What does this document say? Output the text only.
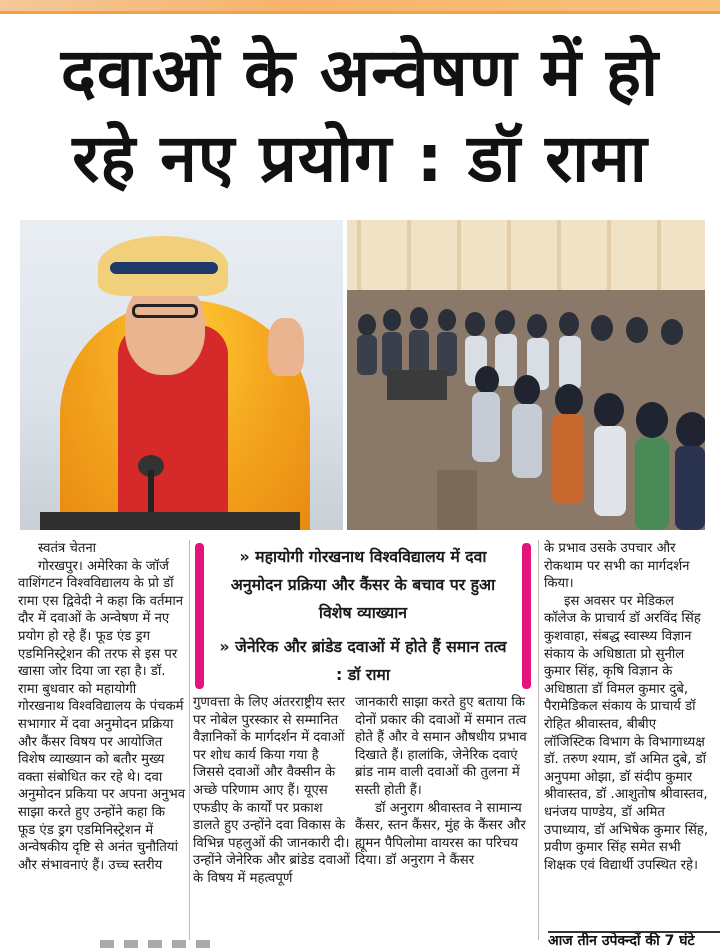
दवाओं के अन्वेषण में हो
रहे नए प्रयोग : डॉ रामा
स्वतंत्र चेतना
गोरखपुर। अमेरिका के जॉर्ज वाशिंगटन विश्वविद्यालय के प्रो डॉ रामा एस द्विवेदी ने कहा कि वर्तमान दौर में दवाओं के अन्वेषण में नए प्रयोग हो रहे हैं। फूड एंड ड्रग एडमिनिस्ट्रेशन की तरफ से इस पर खासा जोर दिया जा रहा है। डॉ. रामा बुधवार को महायोगी गोरखनाथ विश्वविद्यालय के पंचकर्म सभागार में दवा अनुमोदन प्रक्रिया और कैंसर विषय पर आयोजित विशेष व्याख्यान को बतौर मुख्य वक्ता संबोधित कर रहे थे। दवा अनुमोदन प्रकिया पर अपना अनुभव साझा करते हुए उन्होंने कहा कि फूड एंड ड्रग एडमिनिस्ट्रेशन में अन्वेषकीय दृष्टि से अनंत चुनौतियां और संभावनाएं हैं। उच्च स्तरीय
» महायोगी गोरखनाथ विश्वविद्यालय में दवा अनुमोदन प्रक्रिया और कैंसर के बचाव पर हुआ विशेष व्याख्यान
» जेनेरिक और ब्रांडेड दवाओं में होते हैं समान तत्व : डॉ रामा
गुणवत्ता के लिए अंतरराष्ट्रीय स्तर पर नोबेल पुरस्कार से सम्मानित वैज्ञानिकों के मार्गदर्शन में दवाओं पर शोध कार्य किया गया है जिससे दवाओं और वैक्सीन के अच्छे परिणाम आए हैं। यूएस एफडीए के कार्यों पर प्रकाश डालते हुए उन्होंने दवा विकास के विभिन्न पहलुओं की जानकारी दी। उन्होंने जेनेरिक और ब्रांडेड दवाओं के विषय में महत्वपूर्ण
जानकारी साझा करते हुए बताया कि दोनों प्रकार की दवाओं में समान तत्व होते हैं और वे समान औषधीय प्रभाव दिखाते हैं। हालांकि, जेनेरिक दवाएं ब्रांड नाम वाली दवाओं की तुलना में सस्ती होती हैं।
डॉ अनुराग श्रीवास्तव ने सामान्य कैंसर, स्तन कैंसर, मुंह के कैंसर और ह्यूमन पैपिलोमा वायरस का परिचय दिया। डॉ अनुराग ने कैंसर
के प्रभाव उसके उपचार और रोकथाम पर सभी का मार्गदर्शन किया।
इस अवसर पर मेडिकल कॉलेज के प्राचार्य डॉ अरविंद सिंह कुशवाहा, संबद्ध स्वास्थ्य विज्ञान संकाय के अधिष्ठाता प्रो सुनील कुमार सिंह, कृषि विज्ञान के अधिष्ठाता डॉ विमल कुमार दुबे, पैरामेडिकल संकाय के प्राचार्य डॉ रोहित श्रीवास्तव, बीबीए लॉजिस्टिक विभाग के विभागाध्यक्ष डॉ. तरुण श्याम, डॉ अमित दुबे, डॉ अनुपमा ओझा, डॉ संदीप कुमार श्रीवास्तव, डॉ .आशुतोष श्रीवास्तव, धनंजय पाण्डेय, डॉ अमित उपाध्याय, डॉ अभिषेक कुमार सिंह, प्रवीण कुमार सिंह समेत सभी शिक्षक एवं विद्यार्थी उपस्थित रहे।
आज तीन उपेक्न्दों की 7 घंटे
